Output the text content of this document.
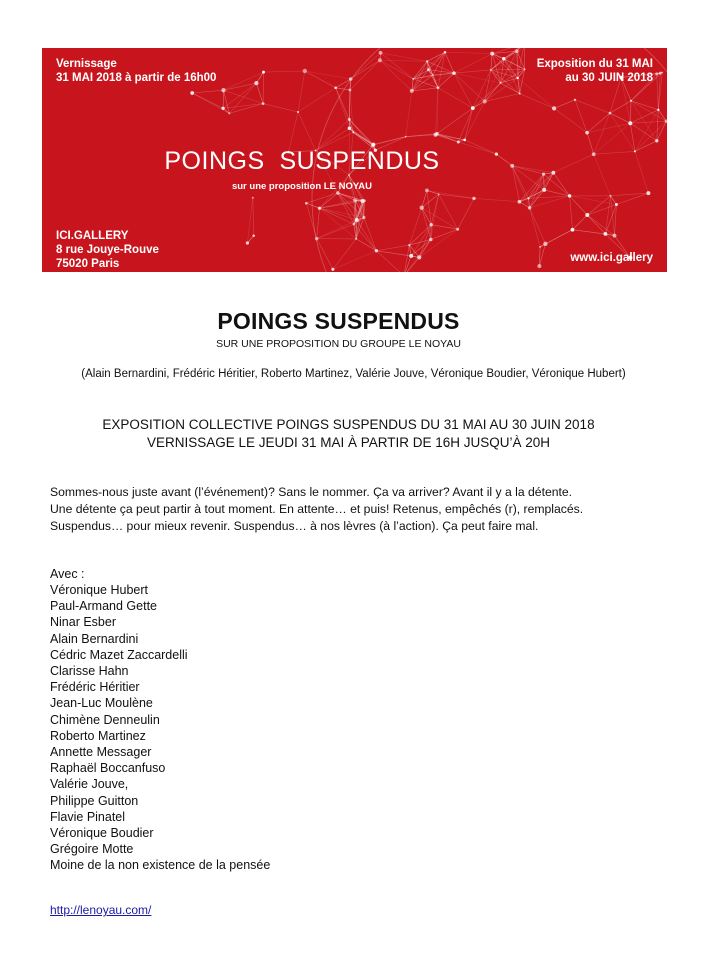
Vernissage
31 MAI 2018 à partir de 16h00
Exposition du 31 MAI
au 30 JUIN 2018
POINGS  SUSPENDUS
sur une proposition LE NOYAU
ICI.GALLERY
8 rue Jouye-Rouve
75020 Paris	www.ici.gallery
POINGS SUSPENDUS
SUR UNE PROPOSITION DU GROUPE LE NOYAU
(Alain Bernardini, Frédéric Héritier, Roberto Martinez, Valérie Jouve, Véronique Boudier, Véronique Hubert)
EXPOSITION COLLECTIVE POINGS SUSPENDUS DU 31 MAI AU 30 JUIN 2018
VERNISSAGE LE JEUDI 31 MAI À PARTIR DE 16H JUSQU’À 20H
Sommes-nous juste avant (l’événement)? Sans le nommer. Ça va arriver? Avant il y a la détente.
Une détente ça peut partir à tout moment. En attente… et puis! Retenus, empêchés (r), remplacés.
Suspendus… pour mieux revenir. Suspendus… à nos lèvres (à l’action). Ça peut faire mal.
Avec :
Véronique Hubert
Paul-Armand Gette
Ninar Esber
Alain Bernardini
Cédric Mazet Zaccardelli
Clarisse Hahn
Frédéric Héritier
Jean-Luc Moulène
Chimène Denneulin
Roberto Martinez
Annette Messager
Raphaël Boccanfuso
Valérie Jouve,
Philippe Guitton
Flavie Pinatel
Véronique Boudier
Grégoire Motte
Moine de la non existence de la pensée
http://lenoyau.com/
